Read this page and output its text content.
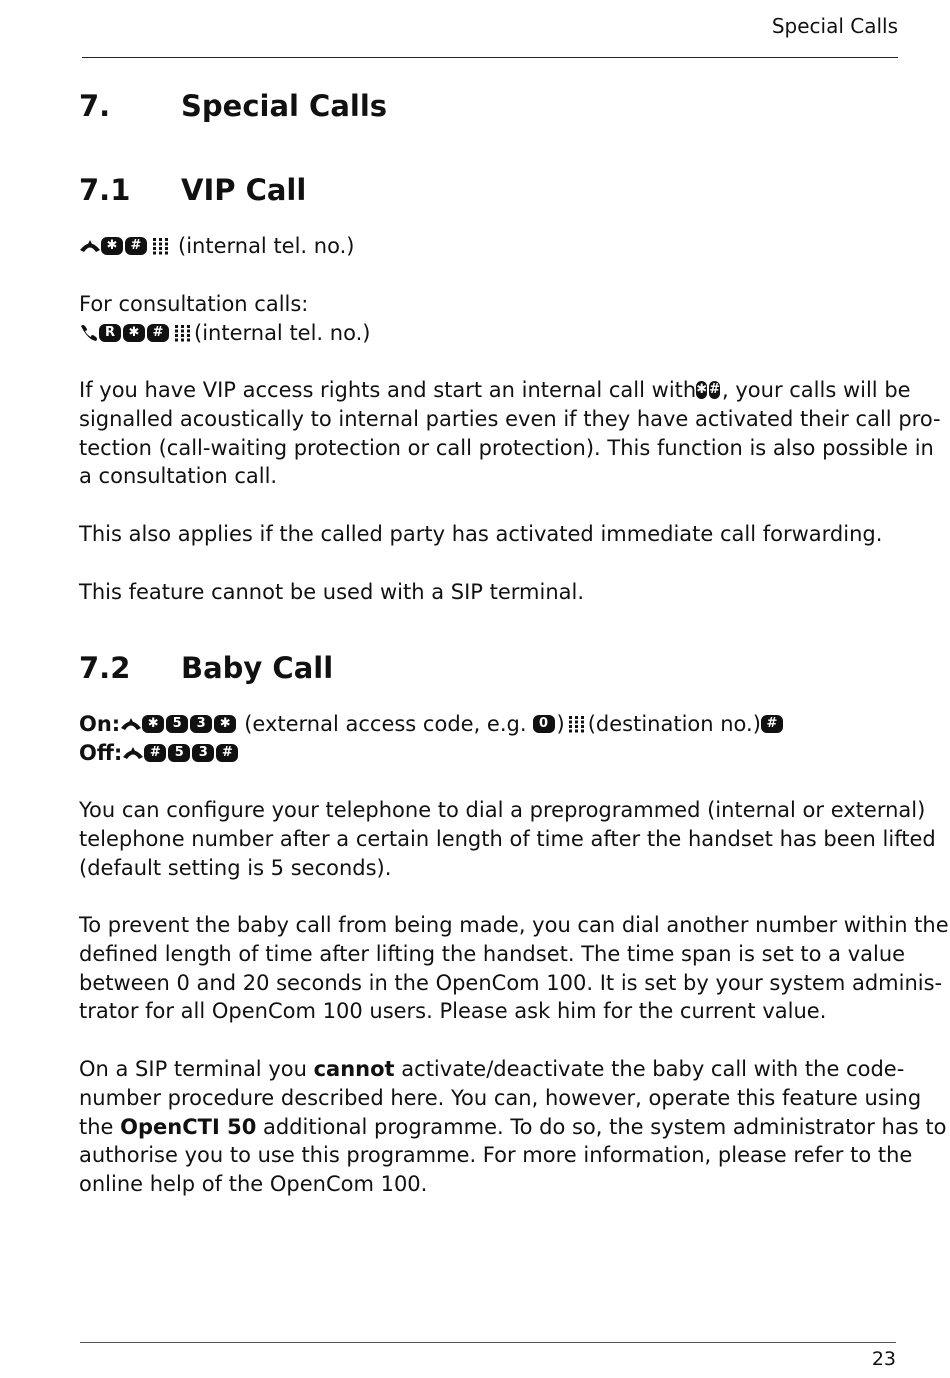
Special Calls
7. Special Calls
7.1 VIP Call
✱	# (internal tel. no.)
For consultation calls:
R	✱	# (internal tel. no.)
If you have VIP access rights and start an internal call with ✱ # , your calls will be
signalled acoustically to internal parties even if they have activated their call pro-
tection (call-waiting protection or call protection). This function is also possible in
a consultation call.
This also applies if the called party has activated immediate call forwarding.
This feature cannot be used with a SIP terminal.
7.2 Baby Call
On:	✱	5	3	✱ (external access code, e.g. 0 ) (destination no.) #
Off:	#	5	3	#
You can configure your telephone to dial a preprogrammed (internal or external)
telephone number after a certain length of time after the handset has been lifted
(default setting is 5 seconds).
To prevent the baby call from being made, you can dial another number within the
defined length of time after lifting the handset. The time span is set to a value
between 0 and 20 seconds in the OpenCom 100. It is set by your system adminis-
trator for all OpenCom 100 users. Please ask him for the current value.
On a SIP terminal you cannot activate/deactivate the baby call with the code-
number procedure described here. You can, however, operate this feature using
the OpenCTI 50 additional programme. To do so, the system administrator has to
authorise you to use this programme. For more information, please refer to the
online help of the OpenCom 100.
23
